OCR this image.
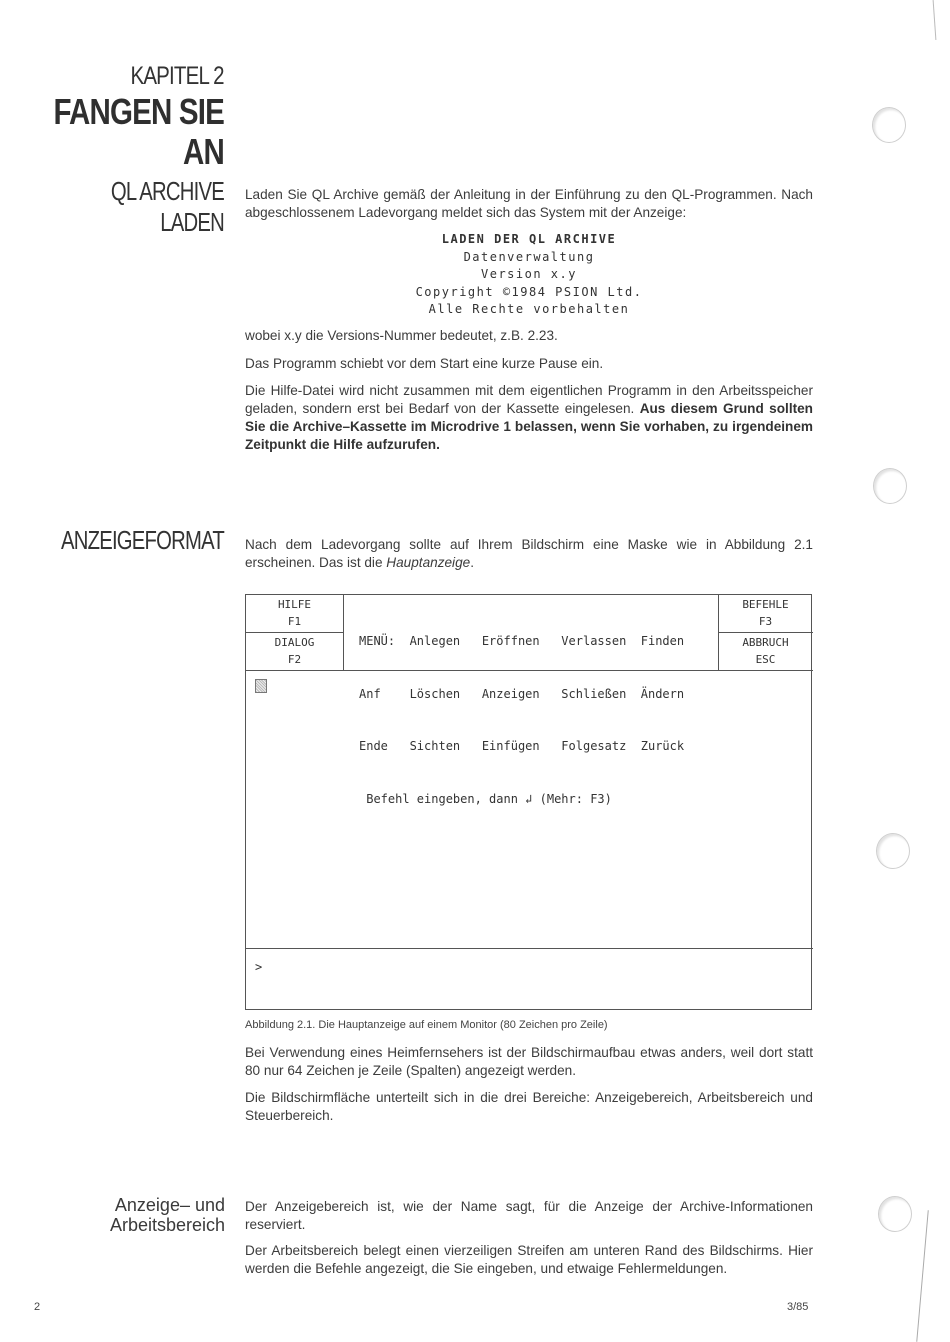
KAPITEL 2
FANGEN SIE
AN
QL ARCHIVE LADEN
Laden Sie QL Archive gemäß der Anleitung in der Einführung zu den QL-Programmen. Nach abgeschlossenem Ladevorgang meldet sich das System mit der Anzeige:
LADEN DER QL ARCHIVE
Datenverwaltung
Version x.y
Copyright ©1984 PSION Ltd.
Alle Rechte vorbehalten
wobei x.y die Versions-Nummer bedeutet, z.B. 2.23.
Das Programm schiebt vor dem Start eine kurze Pause ein.
Die Hilfe-Datei wird nicht zusammen mit dem eigentlichen Programm in den Arbeitsspeicher geladen, sondern erst bei Bedarf von der Kassette eingelesen. Aus diesem Grund sollten Sie die Archive–Kassette im Microdrive 1 belassen, wenn Sie vorhaben, zu irgendeinem Zeitpunkt die Hilfe aufzurufen.
ANZEIGEFORMAT Nach dem Ladevorgang sollte auf Ihrem Bildschirm eine Maske wie in Abbildung 2.1 erscheinen. Das ist die Hauptanzeige.
HILFE
F1
DIALOG
F2
BEFEHLE
F3
ABBRUCH
ESC

MENÜ:  Anlegen   Eröffnen   Verlassen  Finden

Anf    Löschen   Anzeigen   Schließen  Ändern

Ende   Sichten   Einfügen   Folgesatz  Zurück

Befehl eingeben, dann ↲ (Mehr: F3)

>
Abbildung 2.1. Die Hauptanzeige auf einem Monitor (80 Zeichen pro Zeile)
Bei Verwendung eines Heimfernsehers ist der Bildschirmaufbau etwas anders, weil dort statt 80 nur 64 Zeichen je Zeile (Spalten) angezeigt werden.
Die Bildschirmfläche unterteilt sich in die drei Bereiche: Anzeigebereich, Arbeitsbereich und Steuerbereich.
Anzeige– und
Arbeitsbereich
Der Anzeigebereich ist, wie der Name sagt, für die Anzeige der Archive-Informationen reserviert.
Der Arbeitsbereich belegt einen vierzeiligen Streifen am unteren Rand des Bildschirms. Hier werden die Befehle angezeigt, die Sie eingeben, und etwaige Fehlermeldungen.
2	3/85
